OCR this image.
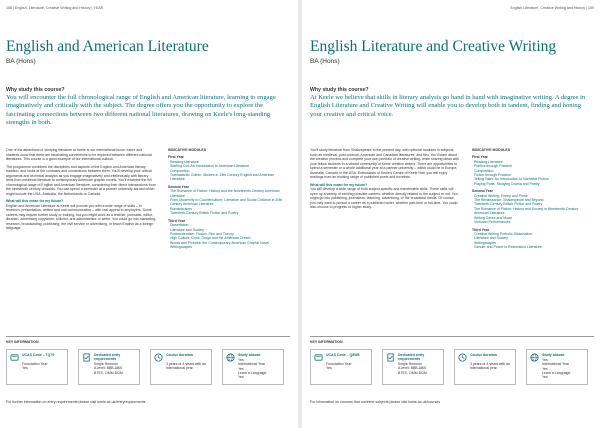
156 | English, Literature, Creative Writing and History | YEAR
English and American Literature
BA (Hons)
Why study this course?
You will encounter the full chronological range of English and American literature, learning to engage imaginatively and critically with the subject. The degree offers you the opportunity to explore the fascinating connections between two different national literatures, drawing on Keele's long-standing strengths in both.

One of the attractions of studying literature at Keele is our international focus: tutors and students know that there are fascinating connections to be explored between different national literatures. This course is a good example of our international outlook.

The programme combines the disciplines and aspects of the English and American literary tradition, and looks at the contrasts and connections between them. You'll develop your critical arguments and technical analysis as you engage imaginatively and intellectually with literary texts from medieval literature to contemporary American graphic novels. You'll examine the full chronological range of English and American literature, considering their direct intersections from the nineteenth century onwards. You can spend a semester at a partner university abroad which might include the USA, Australia, the Netherlands or Canada.

What will this mean for my future?

English and American Literature at Keele will provide you with a wide range of skills – in research, presentation, written and oral communication – with real appeal to employers. Some careers may require further study or training, but you might work as a teacher, journalist, editor, librarian, advertising copywriter, solicitor, arts administrator or writer. You could go into marketing, research, broadcasting, publishing, the civil service or advertising, or teach English as a foreign language.

INDICATIVE MODULES
First Year
Reading Literature
Starting Out: An Introduction to American Literature
Composition
Transatlantic Gothic: Studies in 19th Century English and American Literature
Second Year
The Romance of Fiction: History and the Nineteenth-Century American Literature
From Modernity to Counterculture: Literature and Social Criticism in 20th Century American Literature
Romanticisms
Twentieth-Century British Fiction and Poetry
Third Year
Dissertation
Literature and Society
Postmodernism: Fiction, Film and Theory
High Culture: Drink, Drugs and the American Dream
Words and Pictures: the Contemporary American Graphic Novel
Writingscapes
KEY INFORMATION
UCAS Code – TQ79
Foundation Year
Yes
Dedicated entry requirements
Single Honours
A-level: BBB-ABB
BTEC: DMM-DDM
Course duration
3 years or 4 years with an international year
Study abroad
Yes
International Year
Yes
Learn a Language
Yes
For further information on entry requirements please visit keele.ac.uk/entryrequirements
English Literature, Creative Writing and History | 159
English Literature and Creative Writing
BA (Hons)
Why study this course?
At Keele we believe that skills in literary analysis go hand in hand with imaginative writing. A degree in English Literature and Creative Writing will enable you to develop both in tandem, finding and honing your creative and critical voice.

You'll study literature from Shakespeare to the present day, with optional modules in subjects such as medieval, post-colonial, American and Canadian literatures, and film. You'll learn about the creative process and complete your own portfolio of creative writing, while sharing ideas with your fellow students in a vibrant community of Keele creative writers. There are opportunities to spend a semester or a whole additional year at a partner university – which could be in Europe, Australia, Canada or the USA. Enthusiasts of Keele's Centre of Keele Hall, you will enjoy readings from an exciting range of published poets and novelists.

What will this mean for my future?

You will develop a wide range of both subject-specific and transferable skills. These skills will open up a variety of exciting possible careers, whether directly related to the subject or not. You might go into publishing, journalism, teaching, advertising, or the broadcast media. Of course, you may want to pursue a career as a published writer, whether part-time or full-time. You could also choose to progress to higher study.

INDICATIVE MODULES
First Year
Reading Literature
Poetics through Practice
Composition
Fiction through Practice
Telling Tales: An Introduction to Narrative Fiction
Playing Parts: Studying Drama and Poetry
Second Year
Creative Writing: Poetry and Prose
The Renaissance: Shakespeare and Beyond
Twentieth-Century British Fiction and Poetry
The Romance of Fiction: History and Society in Nineteenth-Century American Literature
Writing Genre and Mode
Victorian Performances
Third Year
Creative Writing Portfolio Dissertation
Literature and Society
Writingscapes
Gender and Power in Restoration Literature
KEY INFORMATION
UCAS Code – Q8W8
Foundation Year
Yes
Dedicated entry requirements
Single Honours
A-level: BBB-ABB
BTEC: DMM-DDM
Course duration
3 years or 4 years with an international year
Study abroad
Yes
International Year
Yes
Learn a Language
Yes
For information on courses that combine subjects please visit keele.ac.uk/courses
